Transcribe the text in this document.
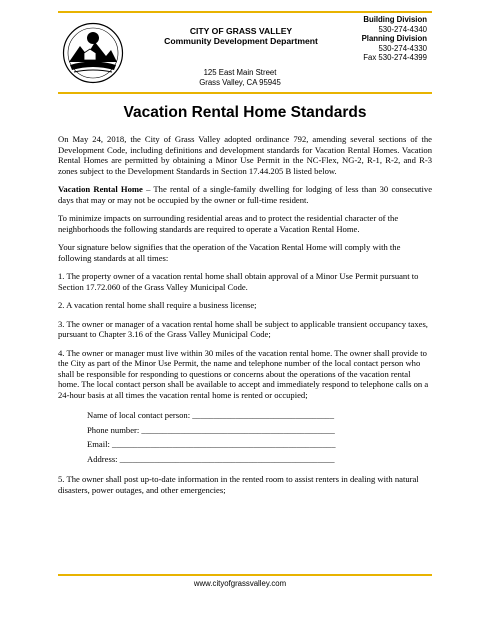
CITY OF GRASS VALLEY
Community Development Department
125 East Main Street
Grass Valley, CA 95945
Building Division
530-274-4340
Planning Division
530-274-4330
Fax 530-274-4399
Vacation Rental Home Standards

On May 24, 2018, the City of Grass Valley adopted ordinance 792, amending several sections of the Development Code, including definitions and development standards for Vacation Rental Homes. Vacation Rental Homes are permitted by obtaining a Minor Use Permit in the NC-Flex, NG-2, R-1, R-2, and R-3 zones subject to the Development Standards in Section 17.44.205 B listed below.

Vacation Rental Home – The rental of a single-family dwelling for lodging of less than 30 consecutive days that may or may not be occupied by the owner or full-time resident.

To minimize impacts on surrounding residential areas and to protect the residential character of the neighborhoods the following standards are required to operate a Vacation Rental Home.

Your signature below signifies that the operation of the Vacation Rental Home will comply with the following standards at all times:

1. The property owner of a vacation rental home shall obtain approval of a Minor Use Permit pursuant to Section 17.72.060 of the Grass Valley Municipal Code.

2. A vacation rental home shall require a business license;

3. The owner or manager of a vacation rental home shall be subject to applicable transient occupancy taxes, pursuant to Chapter 3.16 of the Grass Valley Municipal Code;

4. The owner or manager must live within 30 miles of the vacation rental home. The owner shall provide to the City as part of the Minor Use Permit, the name and telephone number of the local contact person who shall be responsible for responding to questions or concerns about the operations of the vacation rental home. The local contact person shall be available to accept and immediately respond to telephone calls on a 24-hour basis at all times the vacation rental home is rented or occupied;

Name of local contact person: _________________________________
Phone number: _____________________________________________
Email: ____________________________________________________
Address: __________________________________________________

5. The owner shall post up-to-date information in the rented room to assist renters in dealing with natural disasters, power outages, and other emergencies;

www.cityofgrassvalley.com
